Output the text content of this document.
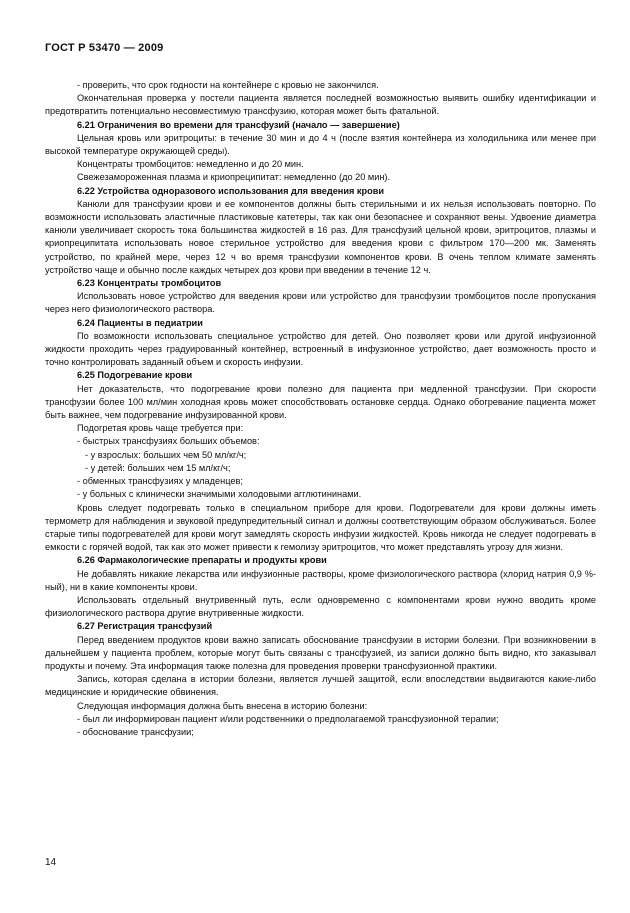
ГОСТ Р 53470 — 2009
- проверить, что срок годности на контейнере с кровью не закончился.
Окончательная проверка у постели пациента является последней возможностью выявить ошибку идентификации и предотвратить потенциально несовместимую трансфузию, которая может быть фатальной.
6.21 Ограничения во времени для трансфузий (начало — завершение)
Цельная кровь или эритроциты: в течение 30 мин и до 4 ч (после взятия контейнера из холодильника или менее при высокой температуре окружающей среды).
Концентраты тромбоцитов: немедленно и до 20 мин.
Свежезамороженная плазма и криопреципитат: немедленно (до 20 мин).
6.22 Устройства одноразового использования для введения крови
Канюли для трансфузии крови и ее компонентов должны быть стерильными и их нельзя использовать повторно. По возможности использовать эластичные пластиковые катетеры, так как они безопаснее и сохраняют вены. Удвоение диаметра канюли увеличивает скорость тока большинства жидкостей в 16 раз. Для трансфузий цельной крови, эритроцитов, плазмы и криопреципитата использовать новое стерильное устройство для введения крови с фильтром 170—200 мк. Заменять устройство, по крайней мере, через 12 ч во время трансфузии компонентов крови. В очень теплом климате заменять устройство чаще и обычно после каждых четырех доз крови при введении в течение 12 ч.
6.23 Концентраты тромбоцитов
Использовать новое устройство для введения крови или устройство для трансфузии тромбоцитов после пропускания через него физиологического раствора.
6.24 Пациенты в педиатрии
По возможности использовать специальное устройство для детей. Оно позволяет крови или другой инфузионной жидкости проходить через градуированный контейнер, встроенный в инфузионное устройство, дает возможность просто и точно контролировать заданный объем и скорость инфузии.
6.25 Подогревание крови
Нет доказательств, что подогревание крови полезно для пациента при медленной трансфузии. При скорости трансфузии более 100 мл/мин холодная кровь может способствовать остановке сердца. Однако обогревание пациента может быть важнее, чем подогревание инфузированной крови.
Подогретая кровь чаще требуется при:
- быстрых трансфузиях больших объемов:
- у взрослых: больших чем 50 мл/кг/ч;
- у детей: больших чем 15 мл/кг/ч;
- обменных трансфузиях у младенцев;
- у больных с клинически значимыми холодовыми агглютининами.
Кровь следует подогревать только в специальном приборе для крови. Подогреватели для крови должны иметь термометр для наблюдения и звуковой предупредительный сигнал и должны соответствующим образом обслуживаться. Более старые типы подогревателей для крови могут замедлять скорость инфузии жидкостей. Кровь никогда не следует подогревать в емкости с горячей водой, так как это может привести к гемолизу эритроцитов, что может представлять угрозу для жизни.
6.26 Фармакологические препараты и продукты крови
Не добавлять никакие лекарства или инфузионные растворы, кроме физиологического раствора (хлорид натрия 0,9 %-ный), ни в какие компоненты крови.
Использовать отдельный внутривенный путь, если одновременно с компонентами крови нужно вводить кроме физиологического раствора другие внутривенные жидкости.
6.27 Регистрация трансфузий
Перед введением продуктов крови важно записать обоснование трансфузии в истории болезни. При возникновении в дальнейшем у пациента проблем, которые могут быть связаны с трансфузией, из записи должно быть видно, кто заказывал продукты и почему. Эта информация также полезна для проведения проверки трансфузионной практики.
Запись, которая сделана в истории болезни, является лучшей защитой, если впоследствии выдвигаются какие-либо медицинские и юридические обвинения.
Следующая информация должна быть внесена в историю болезни:
- был ли информирован пациент и/или родственники о предполагаемой трансфузионной терапии;
- обоснование трансфузии;
14
